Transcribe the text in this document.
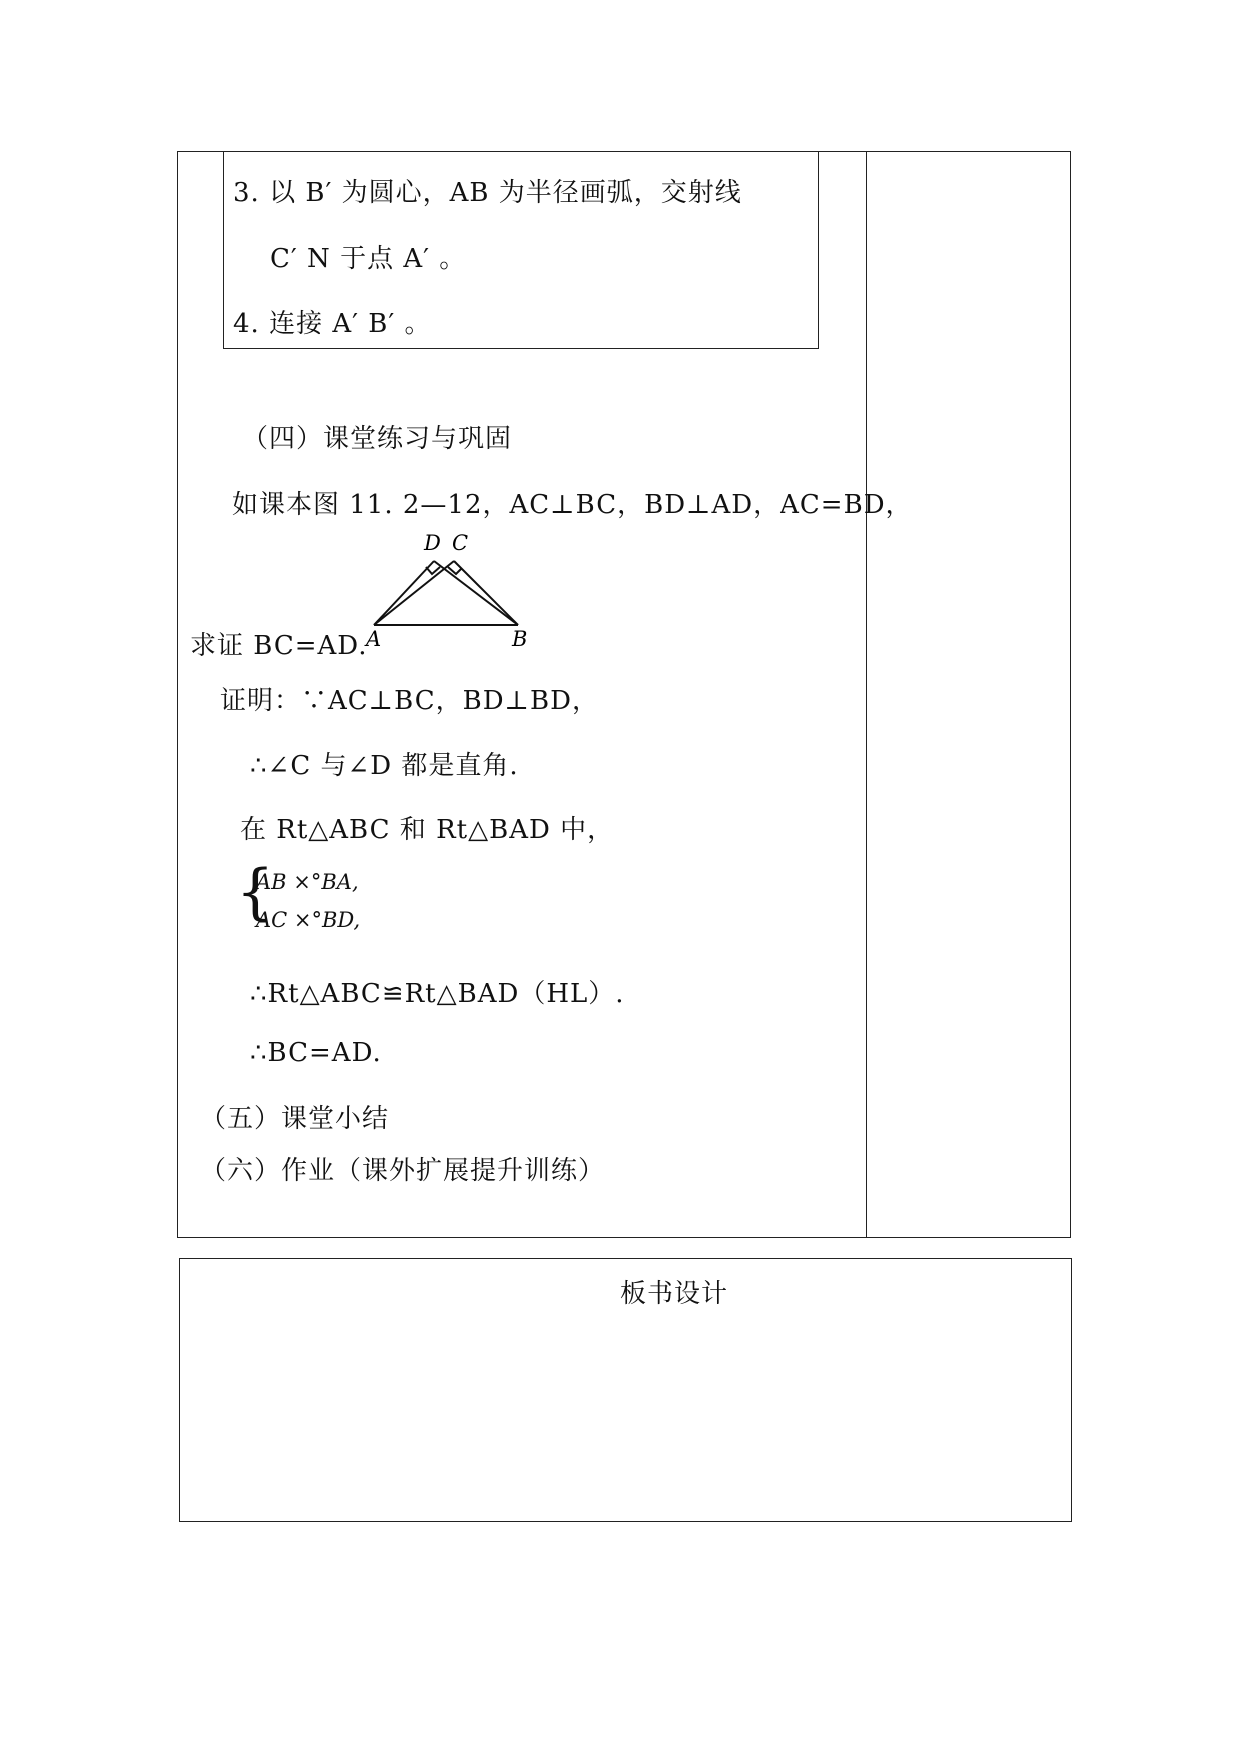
3. 以 B′ 为圆心，AB 为半径画弧，交射线
C′ N 于点 A′ 。
4. 连接 A′ B′ 。
（四）课堂练习与巩固
如课本图 11. 2—12，AC⊥BC，BD⊥AD，AC=BD，
D C
A	B
求证 BC=AD.
证明：∵AC⊥BC，BD⊥BD，
∴∠C 与∠D 都是直角.
在 Rt△ABC 和 Rt△BAD 中，
{
AB ×°BA,
AC ×°BD,
∴Rt△ABC≌Rt△BAD（HL）.
∴BC=AD.
（五）课堂小结
（六）作业（课外扩展提升训练）
板书设计
